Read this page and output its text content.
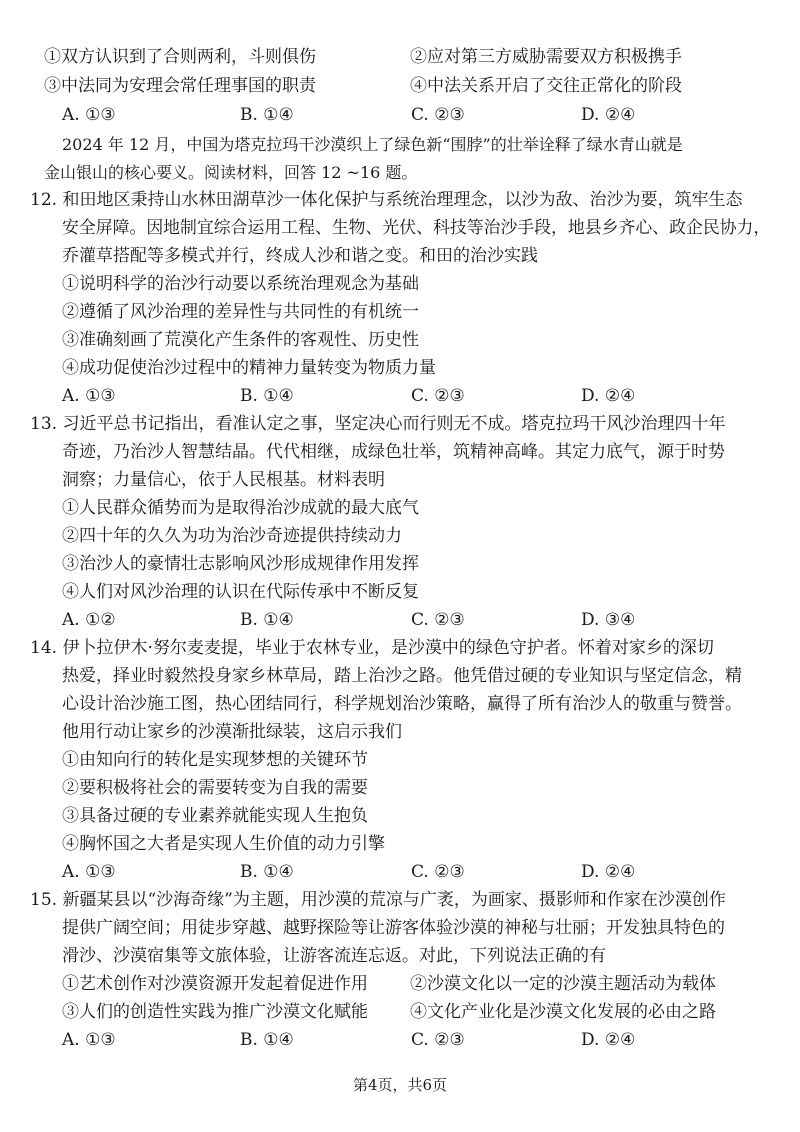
①双方认识到了合则两利，斗则俱伤	②应对第三方威胁需要双方积极携手
③中法同为安理会常任理事国的职责	④中法关系开启了交往正常化的阶段
A. ①③	B. ①④	C. ②③	D. ②④
2024 年 12 月，中国为塔克拉玛干沙漠织上了绿色新“围脖”的壮举诠释了绿水青山就是
金山银山的核心要义。阅读材料，回答 12 ~16 题。
12. 和田地区秉持山水林田湖草沙一体化保护与系统治理理念，以沙为敌、治沙为要，筑牢生态
安全屏障。因地制宜综合运用工程、生物、光伏、科技等治沙手段，地县乡齐心、政企民协力，
乔灌草搭配等多模式并行，终成人沙和谐之变。和田的治沙实践
①说明科学的治沙行动要以系统治理观念为基础
②遵循了风沙治理的差异性与共同性的有机统一
③准确刻画了荒漠化产生条件的客观性、历史性
④成功促使治沙过程中的精神力量转变为物质力量
A. ①③	B. ①④	C. ②③	D. ②④
13. 习近平总书记指出，看准认定之事，坚定决心而行则无不成。塔克拉玛干风沙治理四十年
奇迹，乃治沙人智慧结晶。代代相继，成绿色壮举，筑精神高峰。其定力底气，源于时势
洞察；力量信心，依于人民根基。材料表明
①人民群众循势而为是取得治沙成就的最大底气
②四十年的久久为功为治沙奇迹提供持续动力
③治沙人的豪情壮志影响风沙形成规律作用发挥
④人们对风沙治理的认识在代际传承中不断反复
A. ①②	B. ①④	C. ②③	D. ③④
14. 伊卜拉伊木·努尔麦麦提，毕业于农林专业，是沙漠中的绿色守护者。怀着对家乡的深切
热爱，择业时毅然投身家乡林草局，踏上治沙之路。他凭借过硬的专业知识与坚定信念，精
心设计治沙施工图，热心团结同行，科学规划治沙策略，赢得了所有治沙人的敬重与赞誉。
他用行动让家乡的沙漠渐批绿装，这启示我们
①由知向行的转化是实现梦想的关键环节
②要积极将社会的需要转变为自我的需要
③具备过硬的专业素养就能实现人生抱负
④胸怀国之大者是实现人生价值的动力引擎
A. ①③	B. ①④	C. ②③	D. ②④
15. 新疆某县以“沙海奇缘”为主题，用沙漠的荒凉与广袤，为画家、摄影师和作家在沙漠创作
提供广阔空间；用徒步穿越、越野探险等让游客体验沙漠的神秘与壮丽；开发独具特色的
滑沙、沙漠宿集等文旅体验，让游客流连忘返。对此，下列说法正确的有
①艺术创作对沙漠资源开发起着促进作用 ②沙漠文化以一定的沙漠主题活动为载体
③人们的创造性实践为推广沙漠文化赋能 ④文化产业化是沙漠文化发展的必由之路
A. ①③	B. ①④	C. ②③	D. ②④
第4页，共6页
